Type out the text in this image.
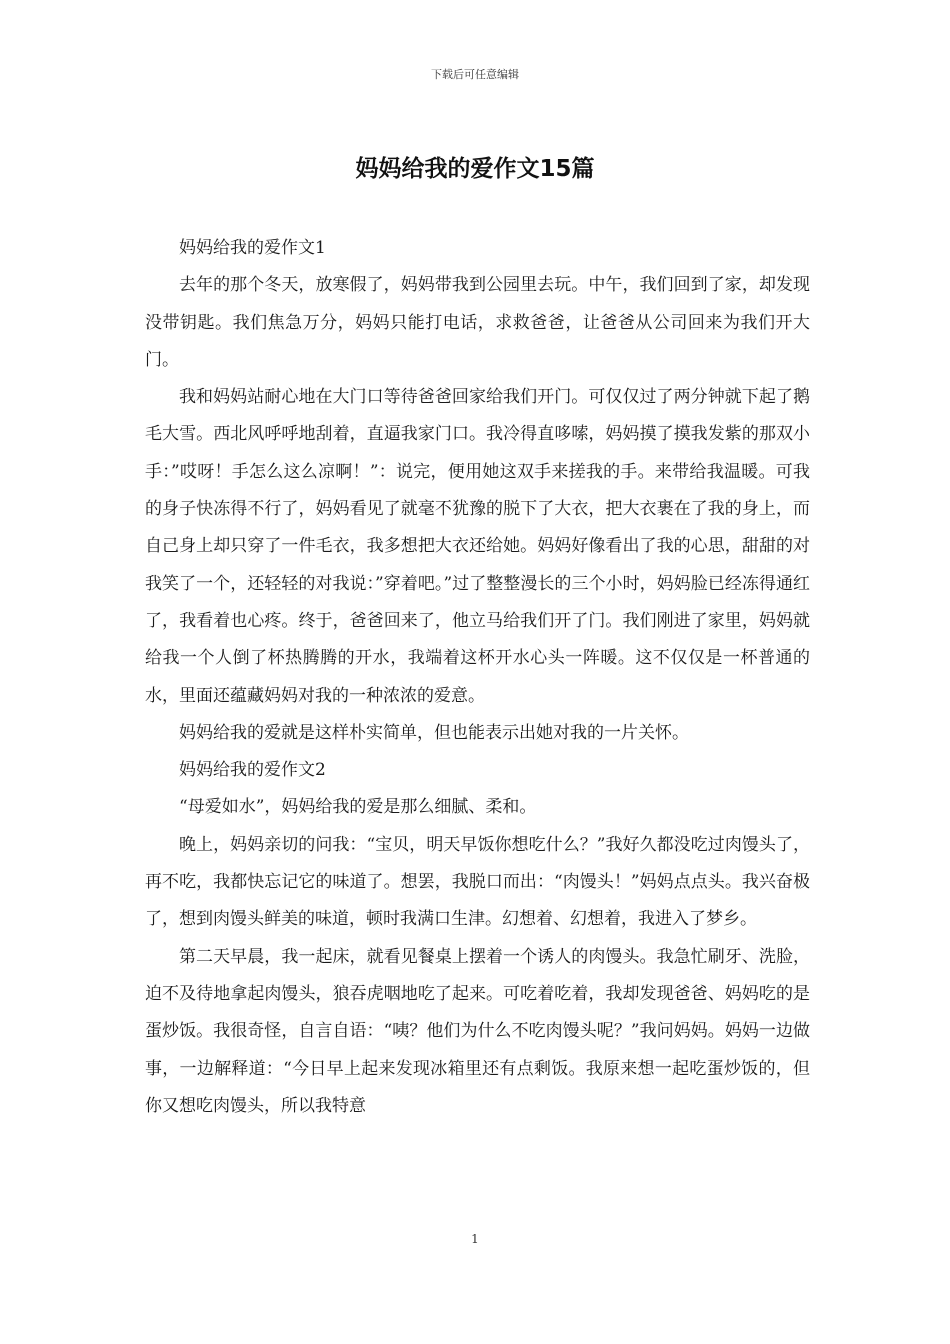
下载后可任意编辑
妈妈给我的爱作文15篇

妈妈给我的爱作文1

去年的那个冬天，放寒假了，妈妈带我到公园里去玩。中午，我们回到了家，却发现没带钥匙。我们焦急万分，妈妈只能打电话，求救爸爸，让爸爸从公司回来为我们开大门。

我和妈妈站耐心地在大门口等待爸爸回家给我们开门。可仅仅过了两分钟就下起了鹅毛大雪。西北风呼呼地刮着，直逼我家门口。我冷得直哆嗦，妈妈摸了摸我发紫的那双小手：”哎呀！手怎么这么凉啊！”：说完，便用她这双手来搓我的手。来带给我温暖。可我的身子快冻得不行了，妈妈看见了就毫不犹豫的脱下了大衣，把大衣裹在了我的身上，而自己身上却只穿了一件毛衣，我多想把大衣还给她。妈妈好像看出了我的心思，甜甜的对我笑了一个，还轻轻的对我说：”穿着吧。”过了整整漫长的三个小时，妈妈脸已经冻得通红了，我看着也心疼。终于，爸爸回来了，他立马给我们开了门。我们刚进了家里，妈妈就给我一个人倒了杯热腾腾的开水，我端着这杯开水心头一阵暖。这不仅仅是一杯普通的水，里面还蕴藏妈妈对我的一种浓浓的爱意。

妈妈给我的爱就是这样朴实简单，但也能表示出她对我的一片关怀。

妈妈给我的爱作文2

“母爱如水”，妈妈给我的爱是那么细腻、柔和。

晚上，妈妈亲切的问我：“宝贝，明天早饭你想吃什么？”我好久都没吃过肉馒头了，再不吃，我都快忘记它的味道了。想罢，我脱口而出：“肉馒头！”妈妈点点头。我兴奋极了，想到肉馒头鲜美的味道，顿时我满口生津。幻想着、幻想着，我进入了梦乡。

第二天早晨，我一起床，就看见餐桌上摆着一个诱人的肉馒头。我急忙刷牙、洗脸，迫不及待地拿起肉馒头，狼吞虎咽地吃了起来。可吃着吃着，我却发现爸爸、妈妈吃的是蛋炒饭。我很奇怪，自言自语：“咦？他们为什么不吃肉馒头呢？”我问妈妈。妈妈一边做事，一边解释道：“今日早上起来发现冰箱里还有点剩饭。我原来想一起吃蛋炒饭的，但你又想吃肉馒头，所以我特意

1
